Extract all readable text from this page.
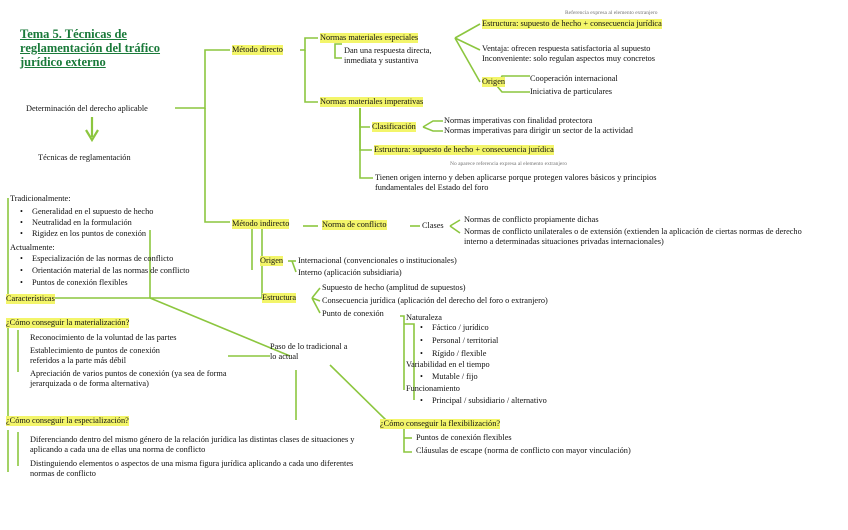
Tema 5. Técnicas de reglamentación del tráfico jurídico externo
Determinación del derecho aplicable
Técnicas de reglamentación
Método directo
Normas materiales especiales
Dan una respuesta directa, inmediata y sustantiva
Referencia expresa al elemento extranjero
Estructura: supuesto de hecho + consecuencia jurídica
Ventaja: ofrecen respuesta satisfactoria al supuesto
Inconveniente: solo regulan aspectos muy concretos
Origen	Cooperación internacional
Iniciativa de particulares
Normas materiales imperativas
Clasificación
Normas imperativas con finalidad protectora
Normas imperativas para dirigir un sector de la actividad
Estructura: supuesto de hecho + consecuencia jurídica
No aparece referencia expresa al elemento extranjero
Tienen origen interno y deben aplicarse porque protegen valores básicos y principios fundamentales del Estado del foro
Método indirecto	Norma de conflicto	Clases
Normas de conflicto propiamente dichas
Normas de conflicto unilaterales o de extensión (extienden la aplicación de ciertas normas de derecho interno a determinadas situaciones privadas internacionales)
Origen Internacional (convencionales o institucionales)
Interno (aplicación subsidiaria)
Estructura
Supuesto de hecho (amplitud de supuestos)
Consecuencia jurídica (aplicación del derecho del foro o extranjero)
Punto de conexión	Naturaleza
• Fáctico / jurídico
• Personal / territorial
• Rígido / flexible
Variabilidad en el tiempo
• Mutable / fijo
Funcionamiento
• Principal / subsidiario / alternativo
Tradicionalmente:
• Generalidad en el supuesto de hecho
• Neutralidad en la formulación
• Rigidez en los puntos de conexión
Actualmente:
• Especialización de las normas de conflicto
• Orientación material de las normas de conflicto
• Puntos de conexión flexibles
Características
Paso de lo tradicional a lo actual
¿Cómo conseguir la materialización?
Reconocimiento de la voluntad de las partes
Establecimiento de puntos de conexión referidos a la parte más débil
Apreciación de varios puntos de conexión (ya sea de forma jerarquizada o de forma alternativa)
¿Cómo conseguir la especialización?
Diferenciando dentro del mismo género de la relación jurídica las distintas clases de situaciones y aplicando a cada una de ellas una norma de conflicto
Distinguiendo elementos o aspectos de una misma figura jurídica aplicando a cada uno diferentes normas de conflicto
¿Cómo conseguir la flexibilización?
Puntos de conexión flexibles
Cláusulas de escape (norma de conflicto con mayor vinculación)
